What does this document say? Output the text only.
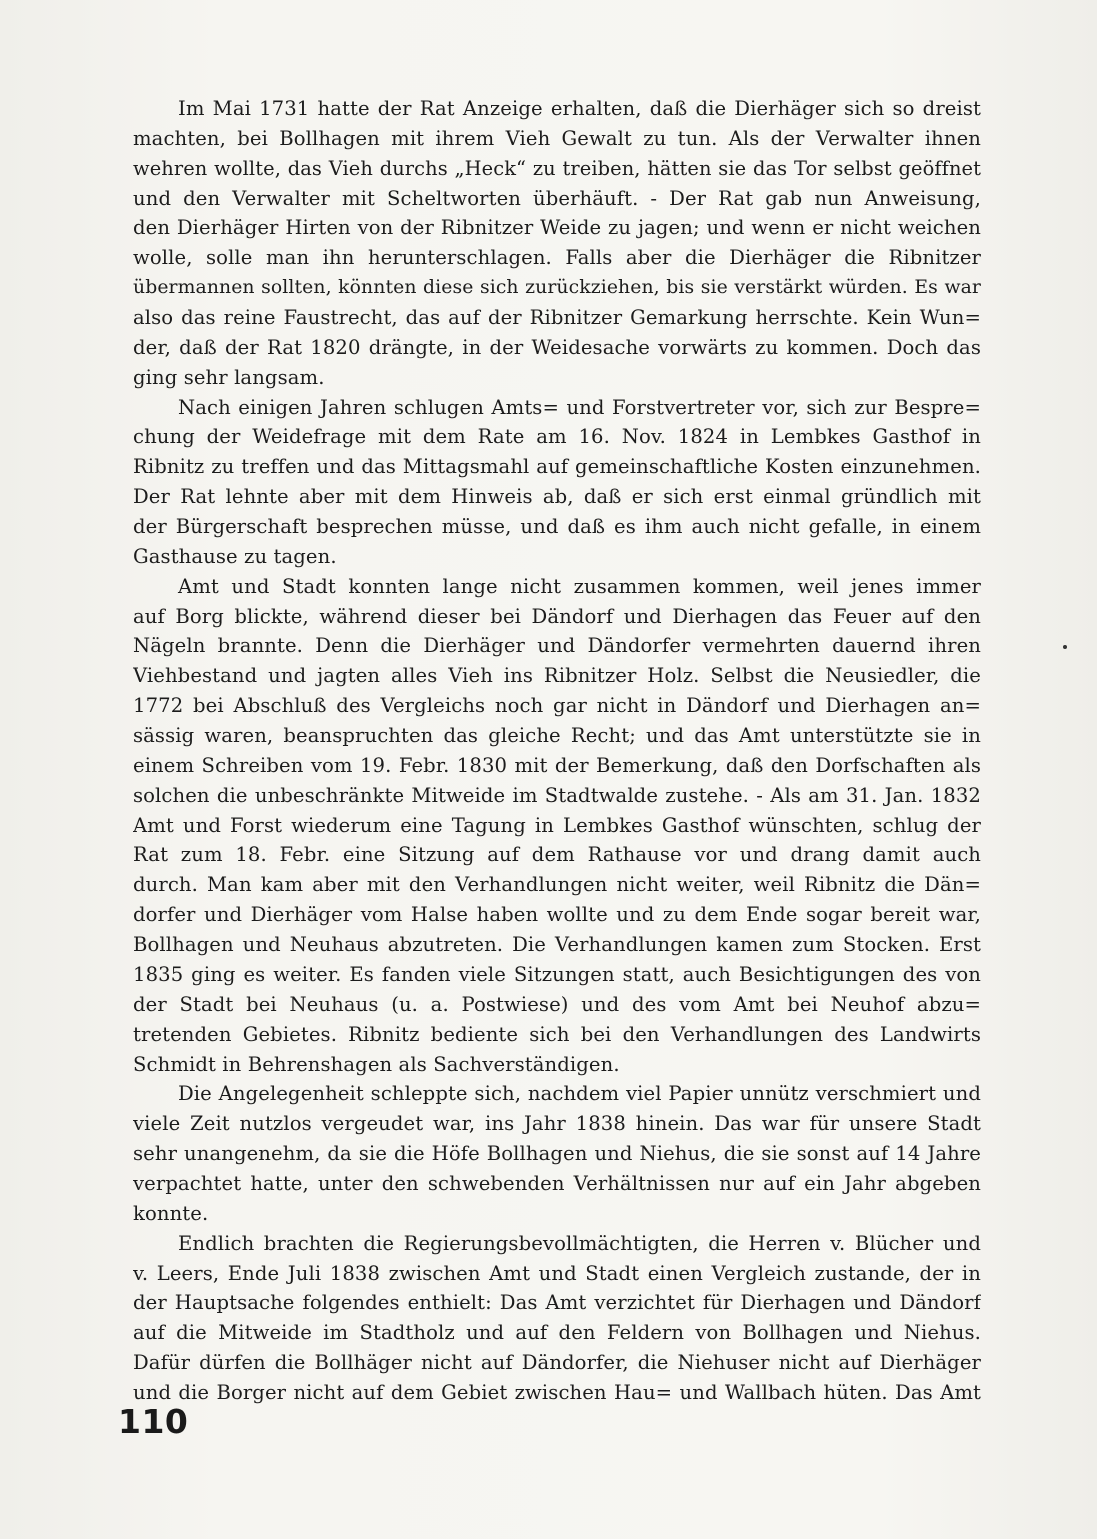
Im Mai 1731 hatte der Rat Anzeige erhalten, daß die Dierhäger sich so dreist
machten, bei Bollhagen mit ihrem Vieh Gewalt zu tun. Als der Verwalter ihnen
wehren wollte, das Vieh durchs „Heck“ zu treiben, hätten sie das Tor selbst geöffnet
und den Verwalter mit Scheltworten überhäuft. - Der Rat gab nun Anweisung,
den Dierhäger Hirten von der Ribnitzer Weide zu jagen; und wenn er nicht weichen
wolle, solle man ihn herunterschlagen. Falls aber die Dierhäger die Ribnitzer
übermannen sollten, könnten diese sich zurückziehen, bis sie verstärkt würden. Es war
also das reine Faustrecht, das auf der Ribnitzer Gemarkung herrschte. Kein Wun=
der, daß der Rat 1820 drängte, in der Weidesache vorwärts zu kommen. Doch das
ging sehr langsam.
Nach einigen Jahren schlugen Amts= und Forstvertreter vor, sich zur Bespre=
chung der Weidefrage mit dem Rate am 16. Nov. 1824 in Lembkes Gasthof in
Ribnitz zu treffen und das Mittagsmahl auf gemeinschaftliche Kosten einzunehmen.
Der Rat lehnte aber mit dem Hinweis ab, daß er sich erst einmal gründlich mit
der Bürgerschaft besprechen müsse, und daß es ihm auch nicht gefalle, in einem
Gasthause zu tagen.
Amt und Stadt konnten lange nicht zusammen kommen, weil jenes immer
auf Borg blickte, während dieser bei Dändorf und Dierhagen das Feuer auf den
Nägeln brannte. Denn die Dierhäger und Dändorfer vermehrten dauernd ihren
Viehbestand und jagten alles Vieh ins Ribnitzer Holz. Selbst die Neusiedler, die
1772 bei Abschluß des Vergleichs noch gar nicht in Dändorf und Dierhagen an=
sässig waren, beanspruchten das gleiche Recht; und das Amt unterstützte sie in
einem Schreiben vom 19. Febr. 1830 mit der Bemerkung, daß den Dorfschaften als
solchen die unbeschränkte Mitweide im Stadtwalde zustehe. - Als am 31. Jan. 1832
Amt und Forst wiederum eine Tagung in Lembkes Gasthof wünschten, schlug der
Rat zum 18. Febr. eine Sitzung auf dem Rathause vor und drang damit auch
durch. Man kam aber mit den Verhandlungen nicht weiter, weil Ribnitz die Dän=
dorfer und Dierhäger vom Halse haben wollte und zu dem Ende sogar bereit war,
Bollhagen und Neuhaus abzutreten. Die Verhandlungen kamen zum Stocken. Erst
1835 ging es weiter. Es fanden viele Sitzungen statt, auch Besichtigungen des von
der Stadt bei Neuhaus (u. a. Postwiese) und des vom Amt bei Neuhof abzu=
tretenden Gebietes. Ribnitz bediente sich bei den Verhandlungen des Landwirts
Schmidt in Behrenshagen als Sachverständigen.
Die Angelegenheit schleppte sich, nachdem viel Papier unnütz verschmiert und
viele Zeit nutzlos vergeudet war, ins Jahr 1838 hinein. Das war für unsere Stadt
sehr unangenehm, da sie die Höfe Bollhagen und Niehus, die sie sonst auf 14 Jahre
verpachtet hatte, unter den schwebenden Verhältnissen nur auf ein Jahr abgeben
konnte.
Endlich brachten die Regierungsbevollmächtigten, die Herren v. Blücher und
v. Leers, Ende Juli 1838 zwischen Amt und Stadt einen Vergleich zustande, der in
der Hauptsache folgendes enthielt: Das Amt verzichtet für Dierhagen und Dändorf
auf die Mitweide im Stadtholz und auf den Feldern von Bollhagen und Niehus.
Dafür dürfen die Bollhäger nicht auf Dändorfer, die Niehuser nicht auf Dierhäger
und die Borger nicht auf dem Gebiet zwischen Hau= und Wallbach hüten. Das Amt
110
